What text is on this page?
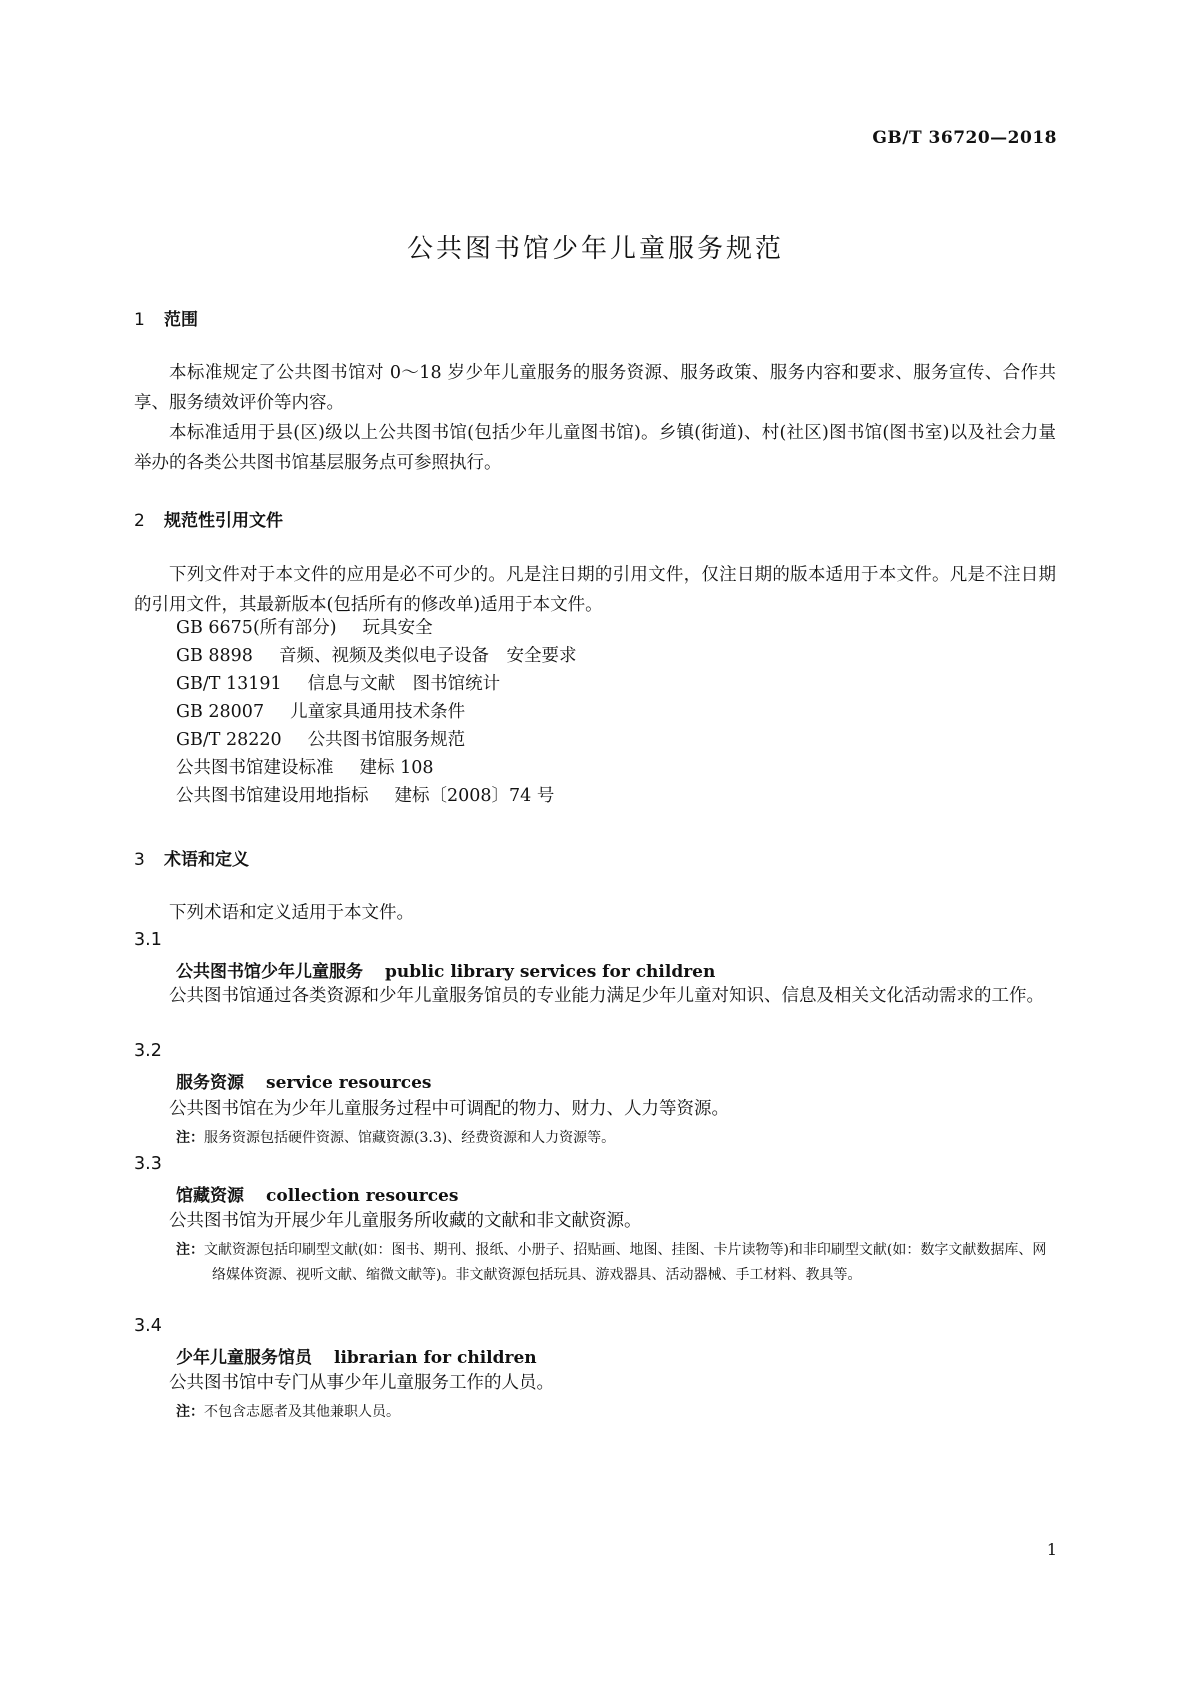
GB/T 36720—2018
公共图书馆少年儿童服务规范
1 范围
本标准规定了公共图书馆对 0～18 岁少年儿童服务的服务资源、服务政策、服务内容和要求、服务宣传、合作共享、服务绩效评价等内容。
本标准适用于县(区)级以上公共图书馆(包括少年儿童图书馆)。乡镇(街道)、村(社区)图书馆(图书室)以及社会力量举办的各类公共图书馆基层服务点可参照执行。
2 规范性引用文件
下列文件对于本文件的应用是必不可少的。凡是注日期的引用文件，仅注日期的版本适用于本文件。凡是不注日期的引用文件，其最新版本(包括所有的修改单)适用于本文件。
GB 6675(所有部分) 玩具安全
GB 8898 音频、视频及类似电子设备　安全要求
GB/T 13191 信息与文献　图书馆统计
GB 28007 儿童家具通用技术条件
GB/T 28220 公共图书馆服务规范
公共图书馆建设标准 建标 108
公共图书馆建设用地指标 建标〔2008〕74 号
3 术语和定义
下列术语和定义适用于本文件。
3.1
公共图书馆少年儿童服务 public library services for children
公共图书馆通过各类资源和少年儿童服务馆员的专业能力满足少年儿童对知识、信息及相关文化活动需求的工作。
3.2
服务资源 service resources
公共图书馆在为少年儿童服务过程中可调配的物力、财力、人力等资源。
注：服务资源包括硬件资源、馆藏资源(3.3)、经费资源和人力资源等。
3.3
馆藏资源 collection resources
公共图书馆为开展少年儿童服务所收藏的文献和非文献资源。
注：文献资源包括印刷型文献(如：图书、期刊、报纸、小册子、招贴画、地图、挂图、卡片读物等)和非印刷型文献(如：数字文献数据库、网络媒体资源、视听文献、缩微文献等)。非文献资源包括玩具、游戏器具、活动器械、手工材料、教具等。
3.4
少年儿童服务馆员 librarian for children
公共图书馆中专门从事少年儿童服务工作的人员。
注：不包含志愿者及其他兼职人员。
1
